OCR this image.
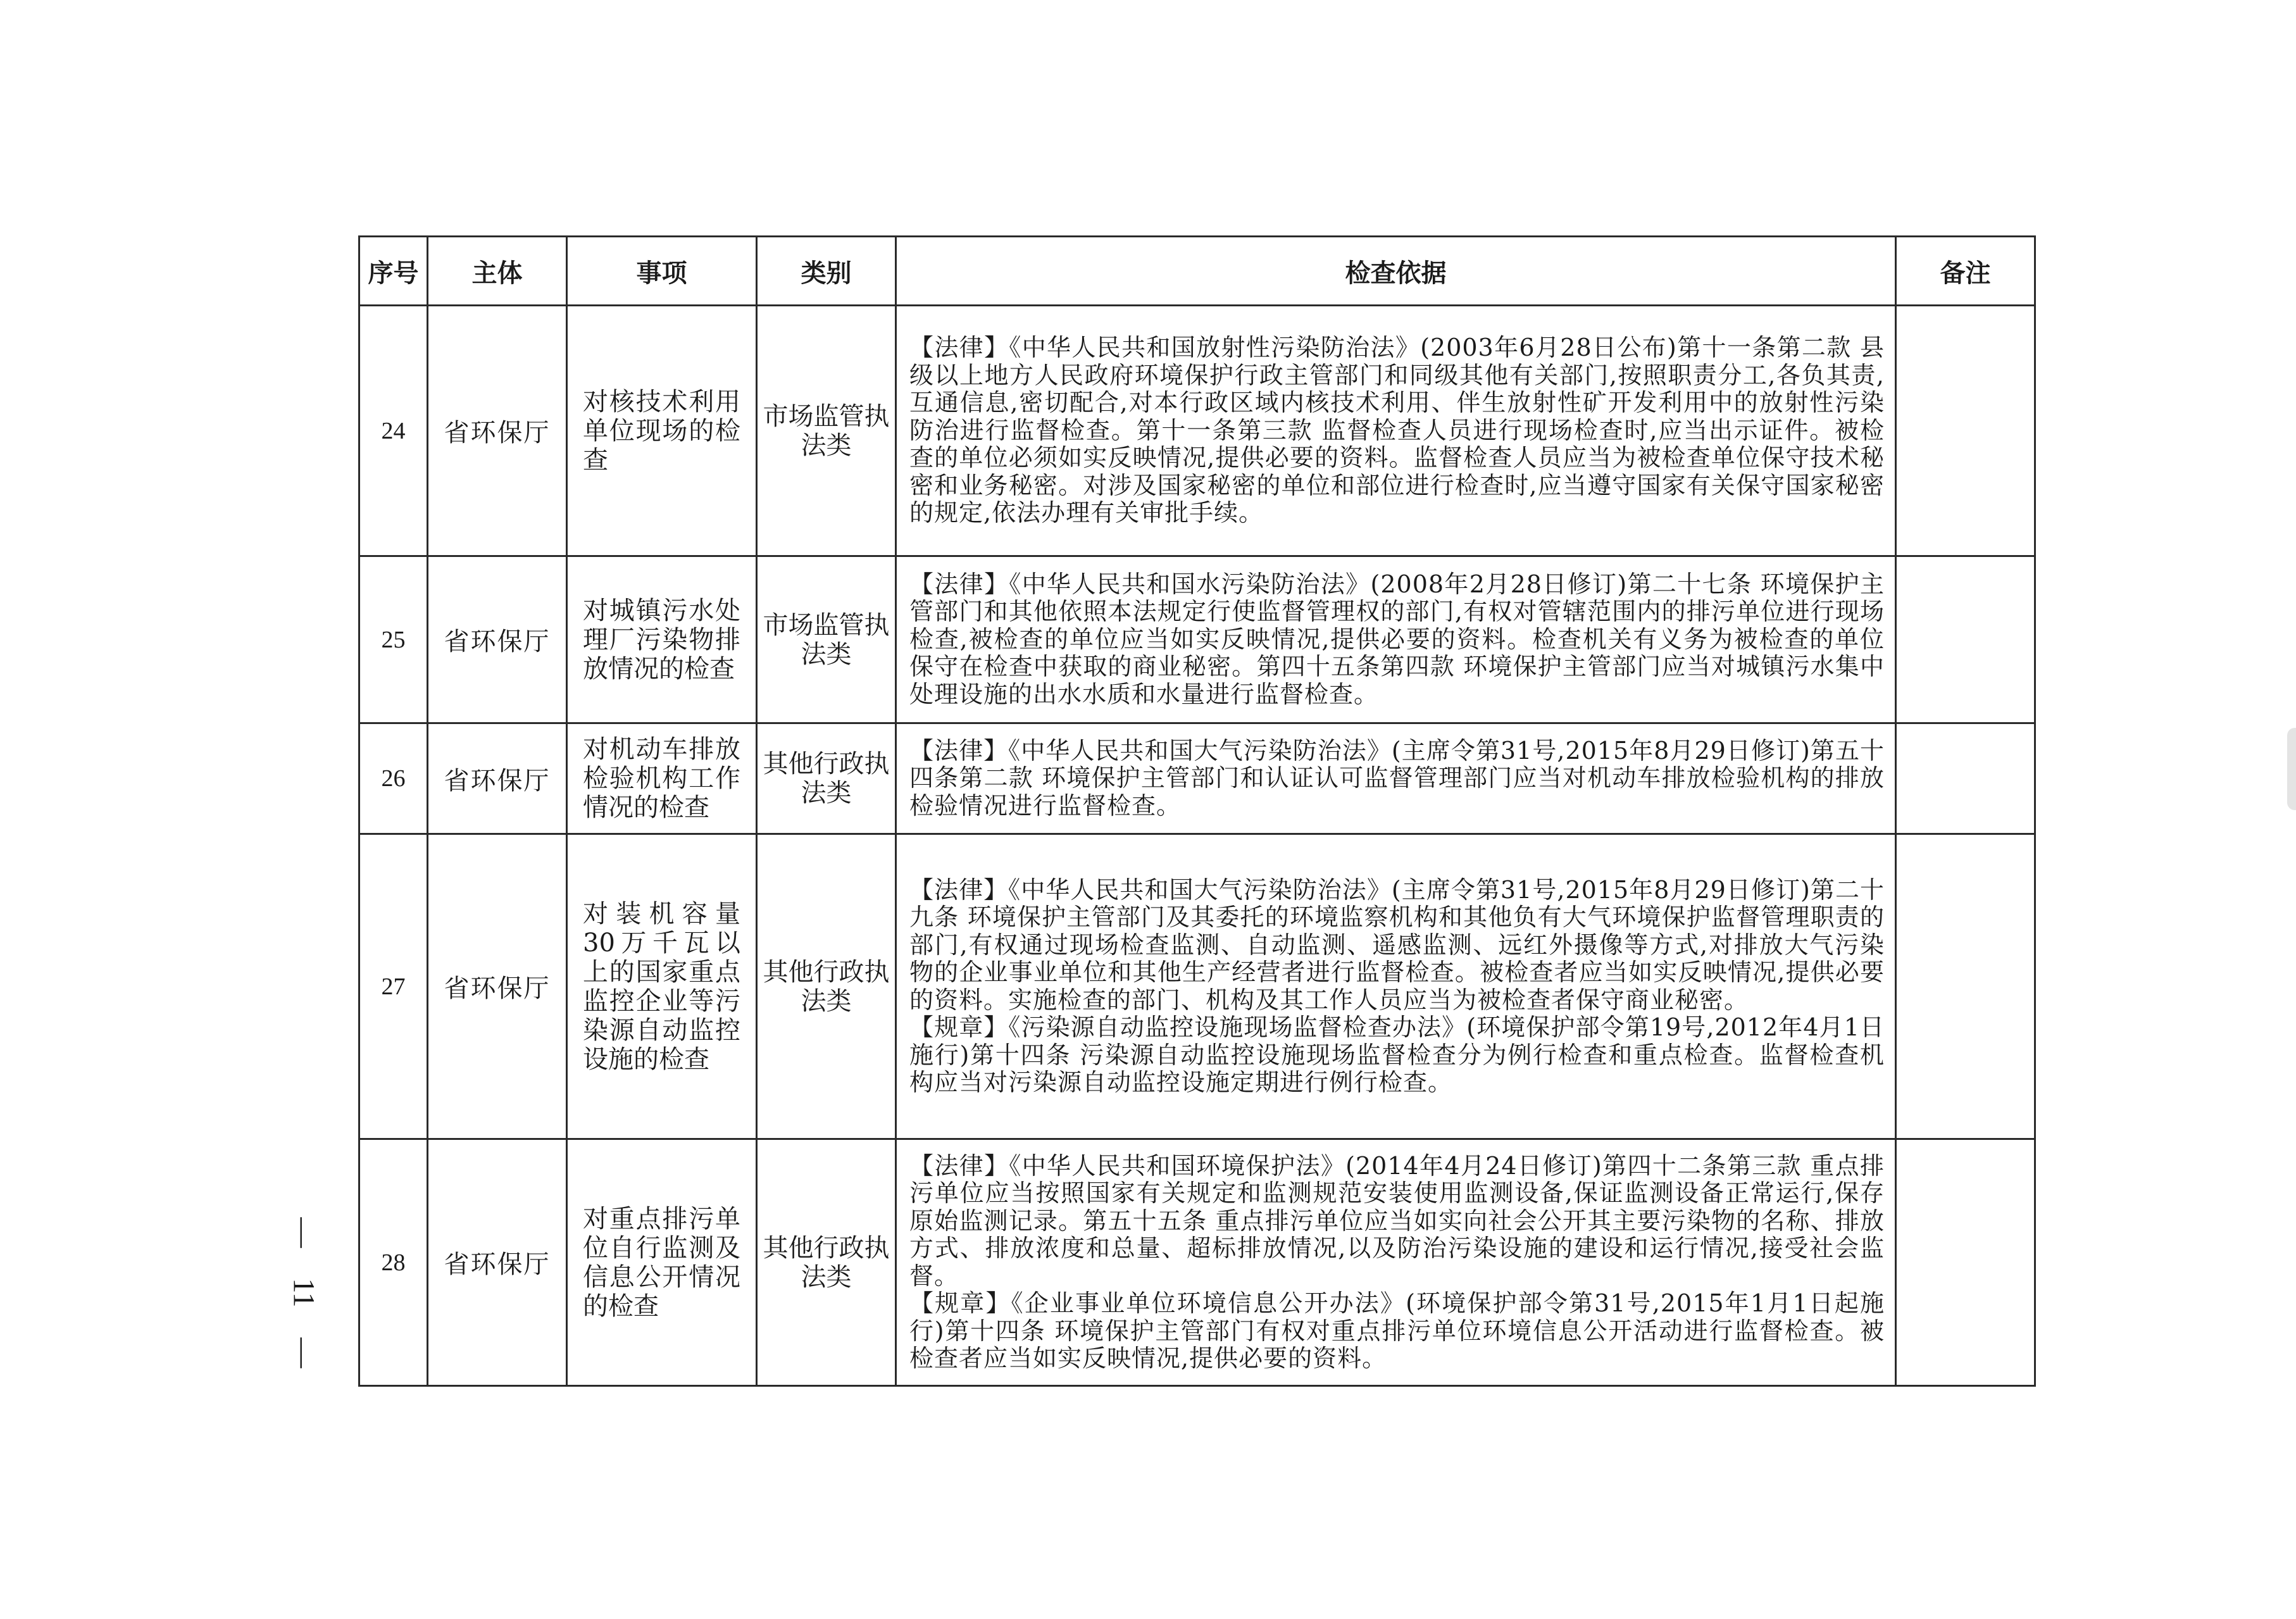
序号	主体	事项	类别	检查依据	备注
24	省环保厅	对核技术利用单位现场的检查	市场监管执法类	【法律】《中华人民共和国放射性污染防治法》(2003年6月28日公布)第十一条第二款 县级以上地方人民政府环境保护行政主管部门和同级其他有关部门,按照职责分工,各负其责,互通信息,密切配合,对本行政区域内核技术利用、伴生放射性矿开发利用中的放射性污染防治进行监督检查。第十一条第三款 监督检查人员进行现场检查时,应当出示证件。被检查的单位必须如实反映情况,提供必要的资料。监督检查人员应当为被检查单位保守技术秘密和业务秘密。对涉及国家秘密的单位和部位进行检查时,应当遵守国家有关保守国家秘密的规定,依法办理有关审批手续。	

25	省环保厅	对城镇污水处理厂污染物排放情况的检查	市场监管执法类	【法律】《中华人民共和国水污染防治法》(2008年2月28日修订)第二十七条 环境保护主管部门和其他依照本法规定行使监督管理权的部门,有权对管辖范围内的排污单位进行现场检查,被检查的单位应当如实反映情况,提供必要的资料。检查机关有义务为被检查的单位保守在检查中获取的商业秘密。第四十五条第四款 环境保护主管部门应当对城镇污水集中处理设施的出水水质和水量进行监督检查。	

26	省环保厅	对机动车排放检验机构工作情况的检查	其他行政执法类	【法律】《中华人民共和国大气污染防治法》(主席令第31号,2015年8月29日修订)第五十四条第二款 环境保护主管部门和认证认可监督管理部门应当对机动车排放检验机构的排放检验情况进行监督检查。	

27	省环保厅	对装机容量30万千瓦以上的国家重点监控企业等污染源自动监控设施的检查	其他行政执法类	【法律】《中华人民共和国大气污染防治法》(主席令第31号,2015年8月29日修订)第二十九条 环境保护主管部门及其委托的环境监察机构和其他负有大气环境保护监督管理职责的部门,有权通过现场检查监测、自动监测、遥感监测、远红外摄像等方式,对排放大气污染物的企业事业单位和其他生产经营者进行监督检查。被检查者应当如实反映情况,提供必要的资料。实施检查的部门、机构及其工作人员应当为被检查者保守商业秘密。

【规章】《污染源自动监控设施现场监督检查办法》(环境保护部令第19号,2012年4月1日施行)第十四条 污染源自动监控设施现场监督检查分为例行检查和重点检查。监督检查机构应当对污染源自动监控设施定期进行例行检查。	

28	省环保厅	对重点排污单位自行监测及信息公开情况的检查	其他行政执法类	【法律】《中华人民共和国环境保护法》(2014年4月24日修订)第四十二条第三款 重点排污单位应当按照国家有关规定和监测规范安装使用监测设备,保证监测设备正常运行,保存原始监测记录。第五十五条 重点排污单位应当如实向社会公开其主要污染物的名称、排放方式、排放浓度和总量、超标排放情况,以及防治污染设施的建设和运行情况,接受社会监督。

【规章】《企业事业单位环境信息公开办法》(环境保护部令第31号,2015年1月1日起施行)第十四条 环境保护主管部门有权对重点排污单位环境信息公开活动进行监督检查。被检查者应当如实反映情况,提供必要的资料。	

—
11
—
